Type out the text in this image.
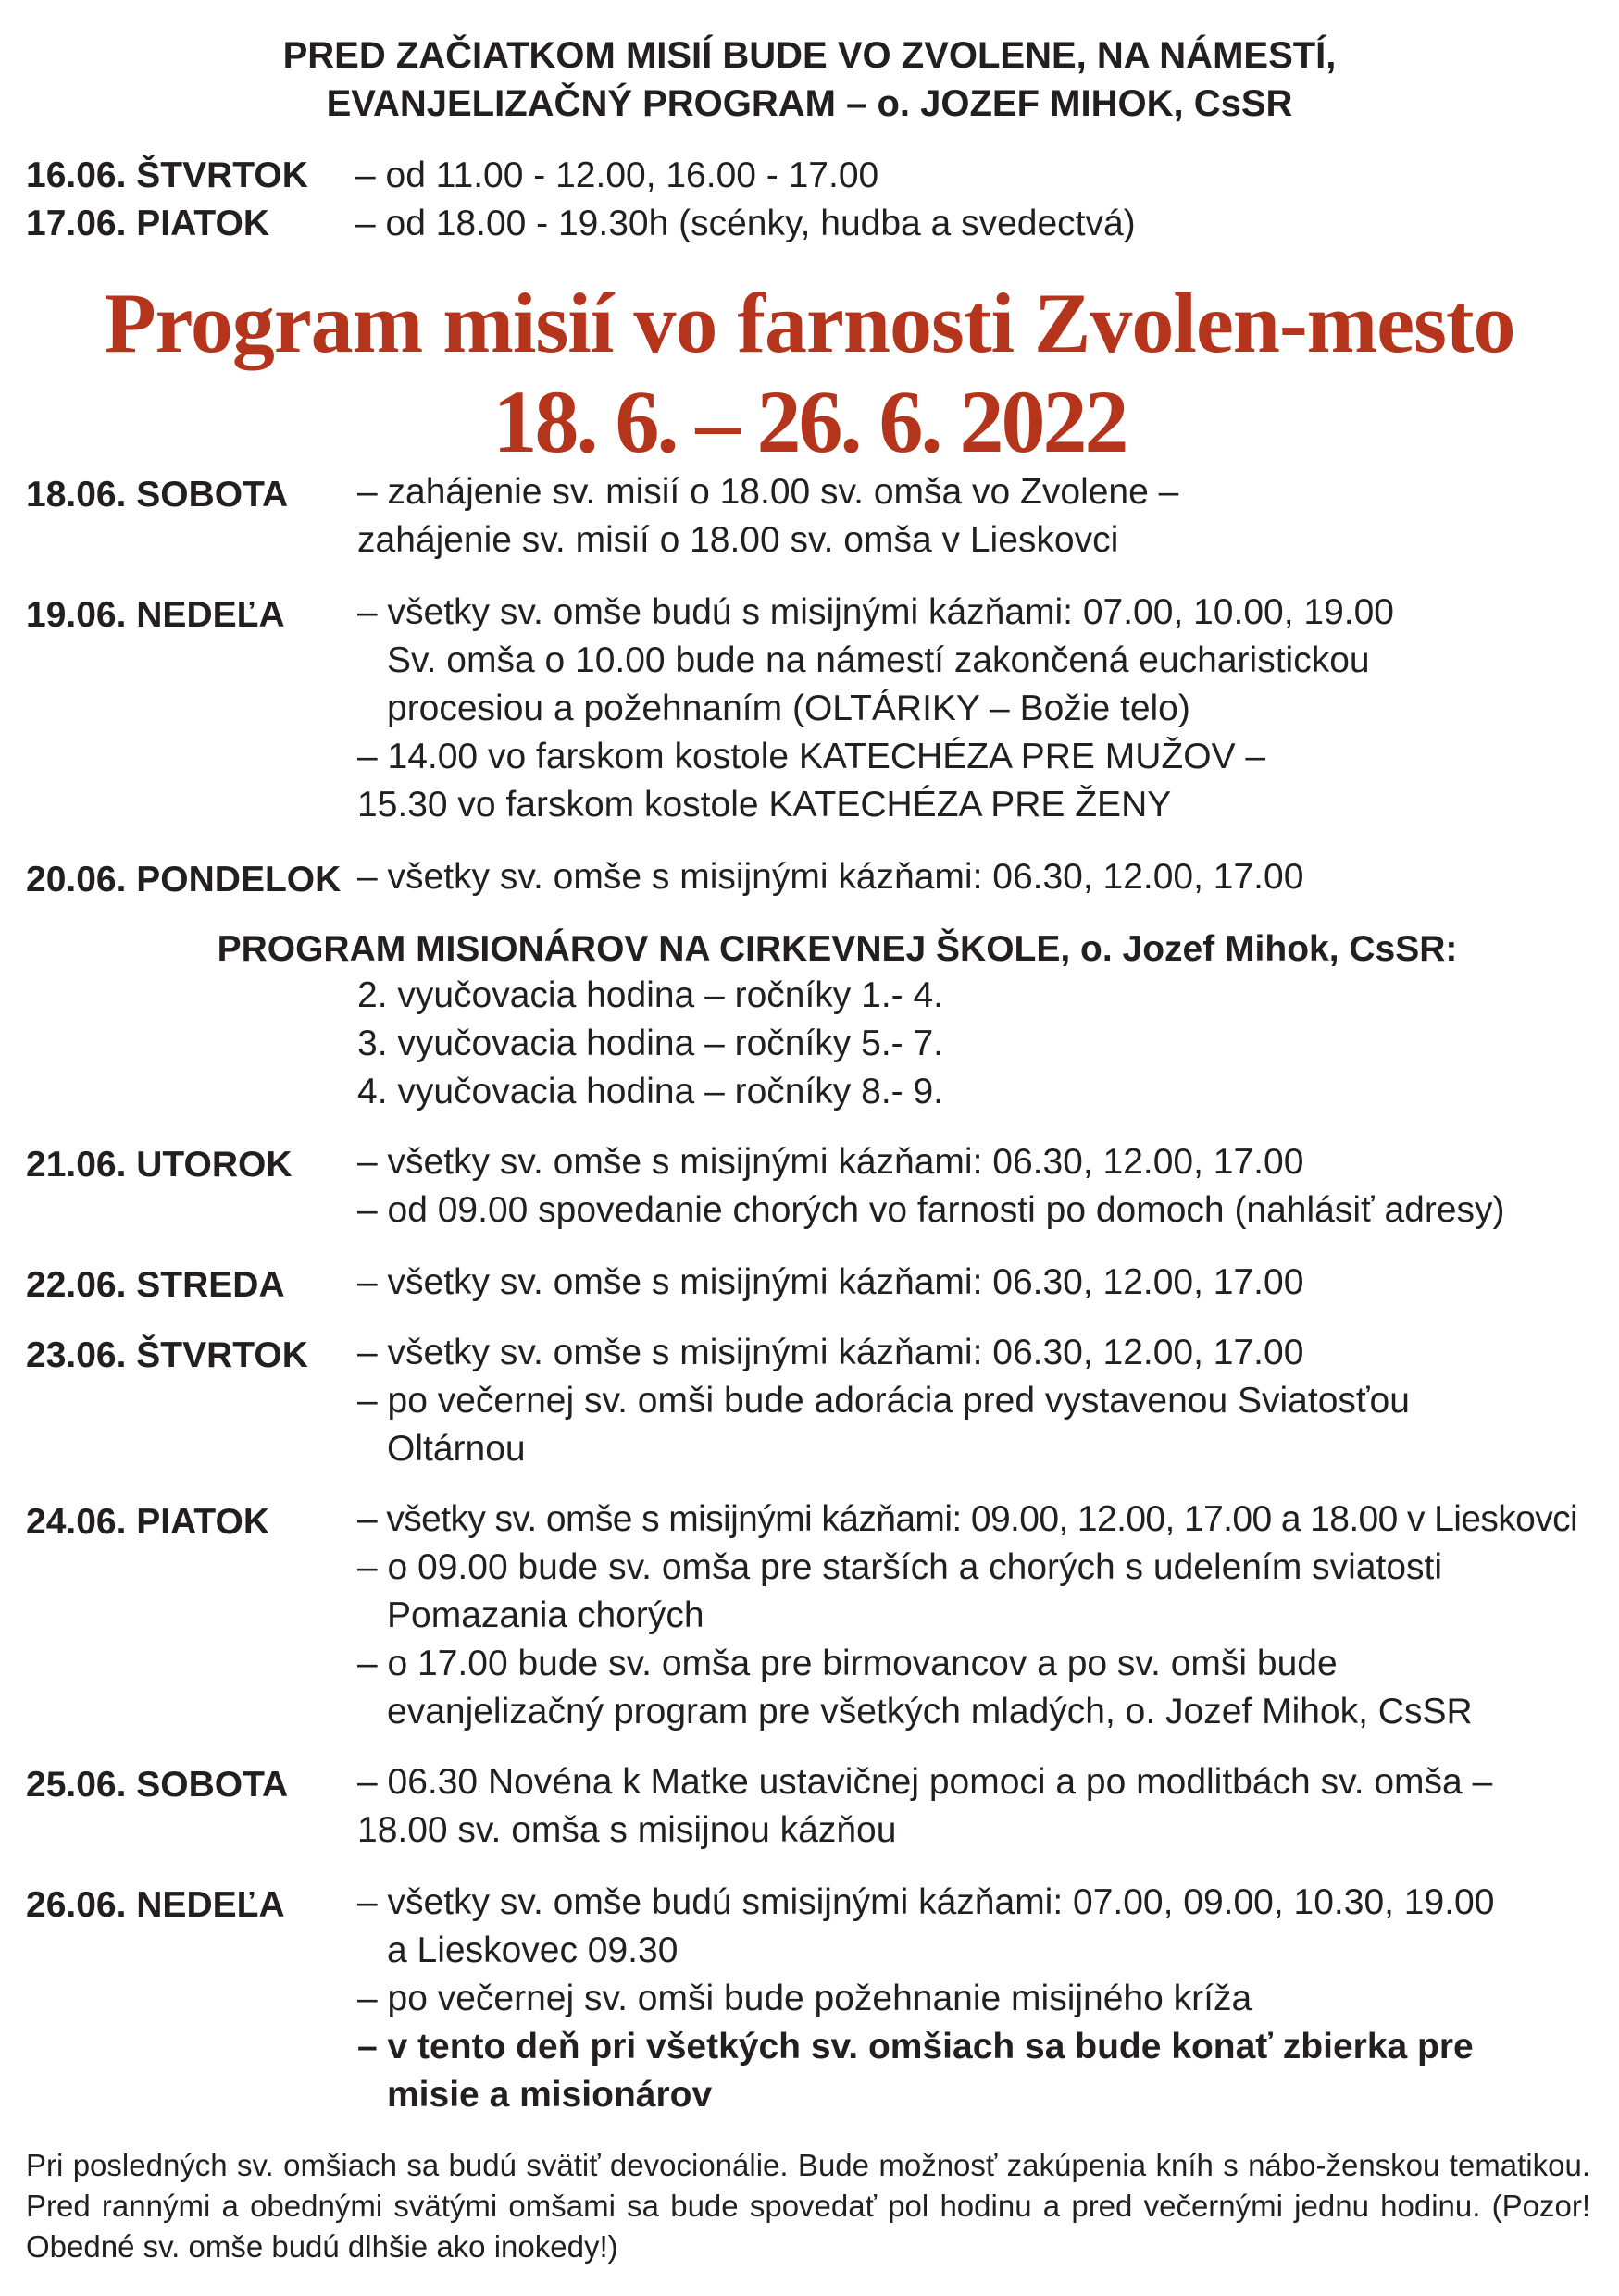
PRED ZAČIATKOM MISIÍ BUDE VO ZVOLENE, NA NÁMESTÍ,
EVANJELIZAČNÝ PROGRAM – o. JOZEF MIHOK, CsSR
16.06. ŠTVRTOK – od 11.00 - 12.00, 16.00 - 17.00
17.06. PIATOK – od 18.00 - 19.30h (scénky, hudba a svedectvá)
Program misií vo farnosti Zvolen-mesto
18. 6. – 26. 6. 2022
18.06. SOBOTA – zahájenie sv. misií o 18.00 sv. omša vo Zvolene –
zahájenie sv. misií o 18.00 sv. omša v Lieskovci
19.06. NEDEĽA – všetky sv. omše budú s misijnými kázňami: 07.00, 10.00, 19.00
Sv. omša o 10.00 bude na námestí zakončená eucharistickou
procesiou a požehnaním (OLTÁRIKY – Božie telo)
– 14.00 vo farskom kostole KATECHÉZA PRE MUŽOV –
15.30 vo farskom kostole KATECHÉZA PRE ŽENY
20.06. PONDELOK – všetky sv. omše s misijnými kázňami: 06.30, 12.00, 17.00
PROGRAM MISIONÁROV NA CIRKEVNEJ ŠKOLE, o. Jozef Mihok, CsSR:
2. vyučovacia hodina – ročníky 1.- 4.
3. vyučovacia hodina – ročníky 5.- 7.
4. vyučovacia hodina – ročníky 8.- 9.
21.06. UTOROK – všetky sv. omše s misijnými kázňami: 06.30, 12.00, 17.00
– od 09.00 spovedanie chorých vo farnosti po domoch (nahlásiť adresy)
22.06. STREDA – všetky sv. omše s misijnými kázňami: 06.30, 12.00, 17.00
23.06. ŠTVRTOK – všetky sv. omše s misijnými kázňami: 06.30, 12.00, 17.00
– po večernej sv. omši bude adorácia pred vystavenou Sviatosťou
Oltárnou
24.06. PIATOK – všetky sv. omše s misijnými kázňami: 09.00, 12.00, 17.00 a 18.00 v Lieskovci
– o 09.00 bude sv. omša pre starších a chorých s udelením sviatosti
Pomazania chorých
– o 17.00 bude sv. omša pre birmovancov a po sv. omši bude
evanjelizačný program pre všetkých mladých, o. Jozef Mihok, CsSR
25.06. SOBOTA – 06.30 Novéna k Matke ustavičnej pomoci a po modlitbách sv. omša –
18.00 sv. omša s misijnou kázňou
26.06. NEDEĽA – všetky sv. omše budú smisijnými kázňami: 07.00, 09.00, 10.30, 19.00
a Lieskovec 09.30
– po večernej sv. omši bude požehnanie misijného kríža
– v tento deň pri všetkých sv. omšiach sa bude konať zbierka pre
misie a misionárov
Pri posledných sv. omšiach sa budú svätiť devocionálie. Bude možnosť zakúpenia kníh s nábo-ženskou tematikou. Pred rannými a obednými svätými omšami sa bude spovedať pol hodinu a pred večernými jednu hodinu. (Pozor! Obedné sv. omše budú dlhšie ako inokedy!)
